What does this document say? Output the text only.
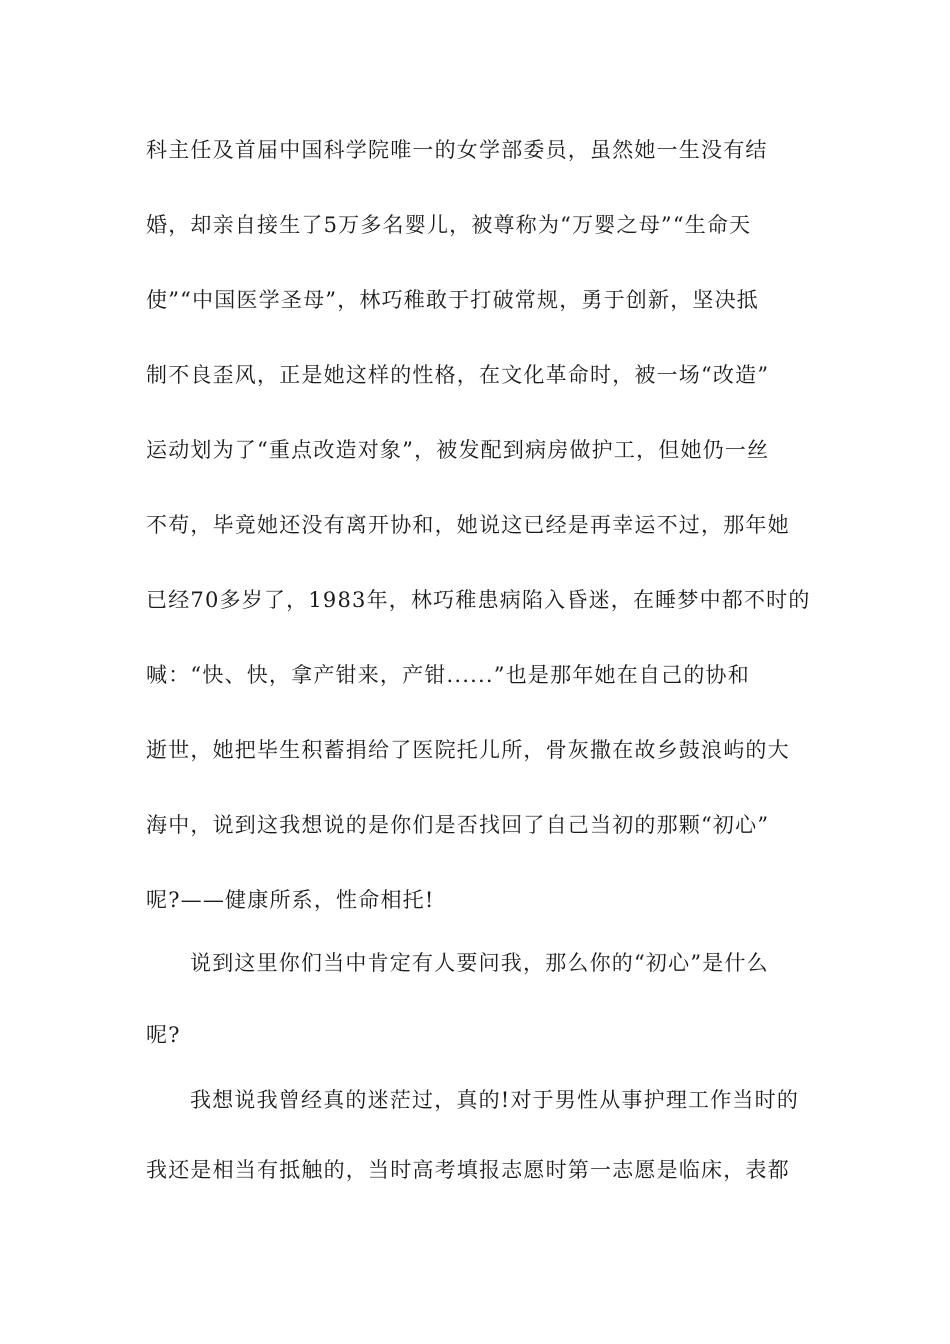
科主任及首届中国科学院唯一的女学部委员，虽然她一生没有结
婚，却亲自接生了5万多名婴儿，被尊称为“万婴之母”“生命天
使”“中国医学圣母”，林巧稚敢于打破常规，勇于创新，坚决抵
制不良歪风，正是她这样的性格，在文化革命时，被一场“改造”
运动划为了“重点改造对象”，被发配到病房做护工，但她仍一丝
不苟，毕竟她还没有离开协和，她说这已经是再幸运不过，那年她
已经70多岁了，1983年，林巧稚患病陷入昏迷，在睡梦中都不时的
喊：“快、快，拿产钳来，产钳......”也是那年她在自己的协和
逝世，她把毕生积蓄捐给了医院托儿所，骨灰撒在故乡鼓浪屿的大
海中，说到这我想说的是你们是否找回了自己当初的那颗“初心”
呢?——健康所系，性命相托!
说到这里你们当中肯定有人要问我，那么你的“初心”是什么
呢?
我想说我曾经真的迷茫过，真的!对于男性从事护理工作当时的
我还是相当有抵触的，当时高考填报志愿时第一志愿是临床，表都
